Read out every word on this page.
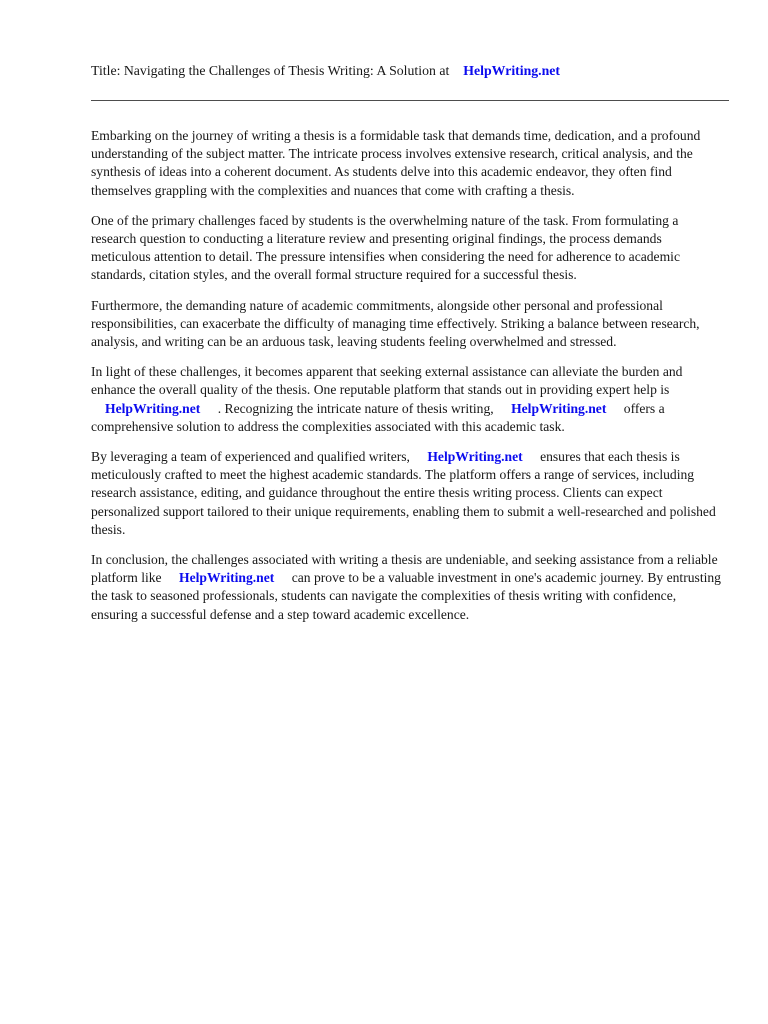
Title: Navigating the Challenges of Thesis Writing: A Solution at HelpWriting.net

Embarking on the journey of writing a thesis is a formidable task that demands time, dedication, and a profound understanding of the subject matter. The intricate process involves extensive research, critical analysis, and the synthesis of ideas into a coherent document. As students delve into this academic endeavor, they often find themselves grappling with the complexities and nuances that come with crafting a thesis.

One of the primary challenges faced by students is the overwhelming nature of the task. From formulating a research question to conducting a literature review and presenting original findings, the process demands meticulous attention to detail. The pressure intensifies when considering the need for adherence to academic standards, citation styles, and the overall formal structure required for a successful thesis.

Furthermore, the demanding nature of academic commitments, alongside other personal and professional responsibilities, can exacerbate the difficulty of managing time effectively. Striking a balance between research, analysis, and writing can be an arduous task, leaving students feeling overwhelmed and stressed.

In light of these challenges, it becomes apparent that seeking external assistance can alleviate the burden and enhance the overall quality of the thesis. One reputable platform that stands out in providing expert help is HelpWriting.net . Recognizing the intricate nature of thesis writing, HelpWriting.net offers a comprehensive solution to address the complexities associated with this academic task.

By leveraging a team of experienced and qualified writers, HelpWriting.net ensures that each thesis is meticulously crafted to meet the highest academic standards. The platform offers a range of services, including research assistance, editing, and guidance throughout the entire thesis writing process. Clients can expect personalized support tailored to their unique requirements, enabling them to submit a well-researched and polished thesis.

In conclusion, the challenges associated with writing a thesis are undeniable, and seeking assistance from a reliable platform like HelpWriting.net can prove to be a valuable investment in one's academic journey. By entrusting the task to seasoned professionals, students can navigate the complexities of thesis writing with confidence, ensuring a successful defense and a step toward academic excellence.
